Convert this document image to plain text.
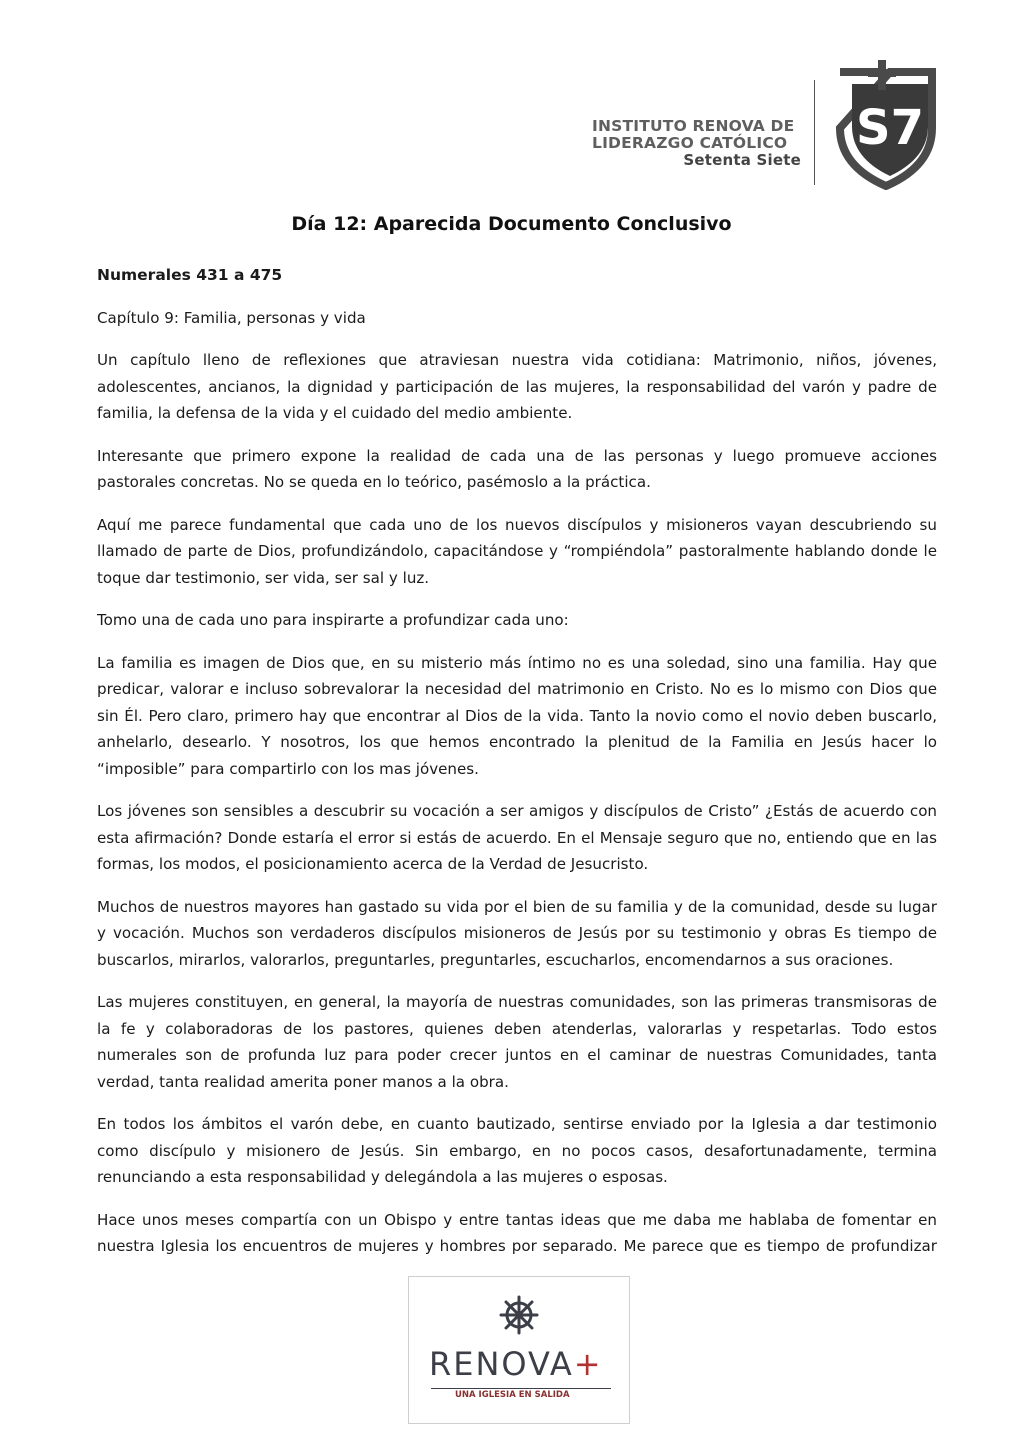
INSTITUTO RENOVA DE
LIDERAZGO CATÓLICO
Setenta Siete
S7
Día 12: Aparecida Documento Conclusivo

Numerales 431 a 475

Capítulo 9: Familia, personas y vida

Un capítulo lleno de reflexiones que atraviesan nuestra vida cotidiana: Matrimonio, niños, jóvenes, adolescentes, ancianos, la dignidad y participación de las mujeres, la responsabilidad del varón y padre de familia, la defensa de la vida y el cuidado del medio ambiente.

Interesante que primero expone la realidad de cada una de las personas y luego promueve acciones pastorales concretas. No se queda en lo teórico, pasémoslo a la práctica.

Aquí me parece fundamental que cada uno de los nuevos discípulos y misioneros vayan descubriendo su llamado de parte de Dios, profundizándolo, capacitándose y “rompiéndola” pastoralmente hablando donde le toque dar testimonio, ser vida, ser sal y luz.

Tomo una de cada uno para inspirarte a profundizar cada uno:

La familia es imagen de Dios que, en su misterio más íntimo no es una soledad, sino una familia. Hay que predicar, valorar e incluso sobrevalorar la necesidad del matrimonio en Cristo. No es lo mismo con Dios que sin Él. Pero claro, primero hay que encontrar al Dios de la vida. Tanto la novio como el novio deben buscarlo, anhelarlo, desearlo. Y nosotros, los que hemos encontrado la plenitud de la Familia en Jesús hacer lo “imposible” para compartirlo con los mas jóvenes.

Los jóvenes son sensibles a descubrir su vocación a ser amigos y discípulos de Cristo” ¿Estás de acuerdo con esta afirmación? Donde estaría el error si estás de acuerdo. En el Mensaje seguro que no, entiendo que en las formas, los modos, el posicionamiento acerca de la Verdad de Jesucristo.

Muchos de nuestros mayores han gastado su vida por el bien de su familia y de la comunidad, desde su lugar y vocación. Muchos son verdaderos discípulos misioneros de Jesús por su testimonio y obras Es tiempo de buscarlos, mirarlos, valorarlos, preguntarles, preguntarles, escucharlos, encomendarnos a sus oraciones.

Las mujeres constituyen, en general, la mayoría de nuestras comunidades, son las primeras transmisoras de la fe y colaboradoras de los pastores, quienes deben atenderlas, valorarlas y respetarlas. Todo estos numerales son de profunda luz para poder crecer juntos en el caminar de nuestras Comunidades, tanta verdad, tanta realidad amerita poner manos a la obra.

En todos los ámbitos el varón debe, en cuanto bautizado, sentirse enviado por la Iglesia a dar testimonio como discípulo y misionero de Jesús. Sin embargo, en no pocos casos, desafortunadamente, termina renunciando a esta responsabilidad y delegándola a las mujeres o esposas.

Hace unos meses compartía con un Obispo y entre tantas ideas que me daba me hablaba de fomentar en nuestra Iglesia los encuentros de mujeres y hombres por separado. Me parece que es tiempo de profundizar

RENOVA+
UNA IGLESIA EN SALIDA
